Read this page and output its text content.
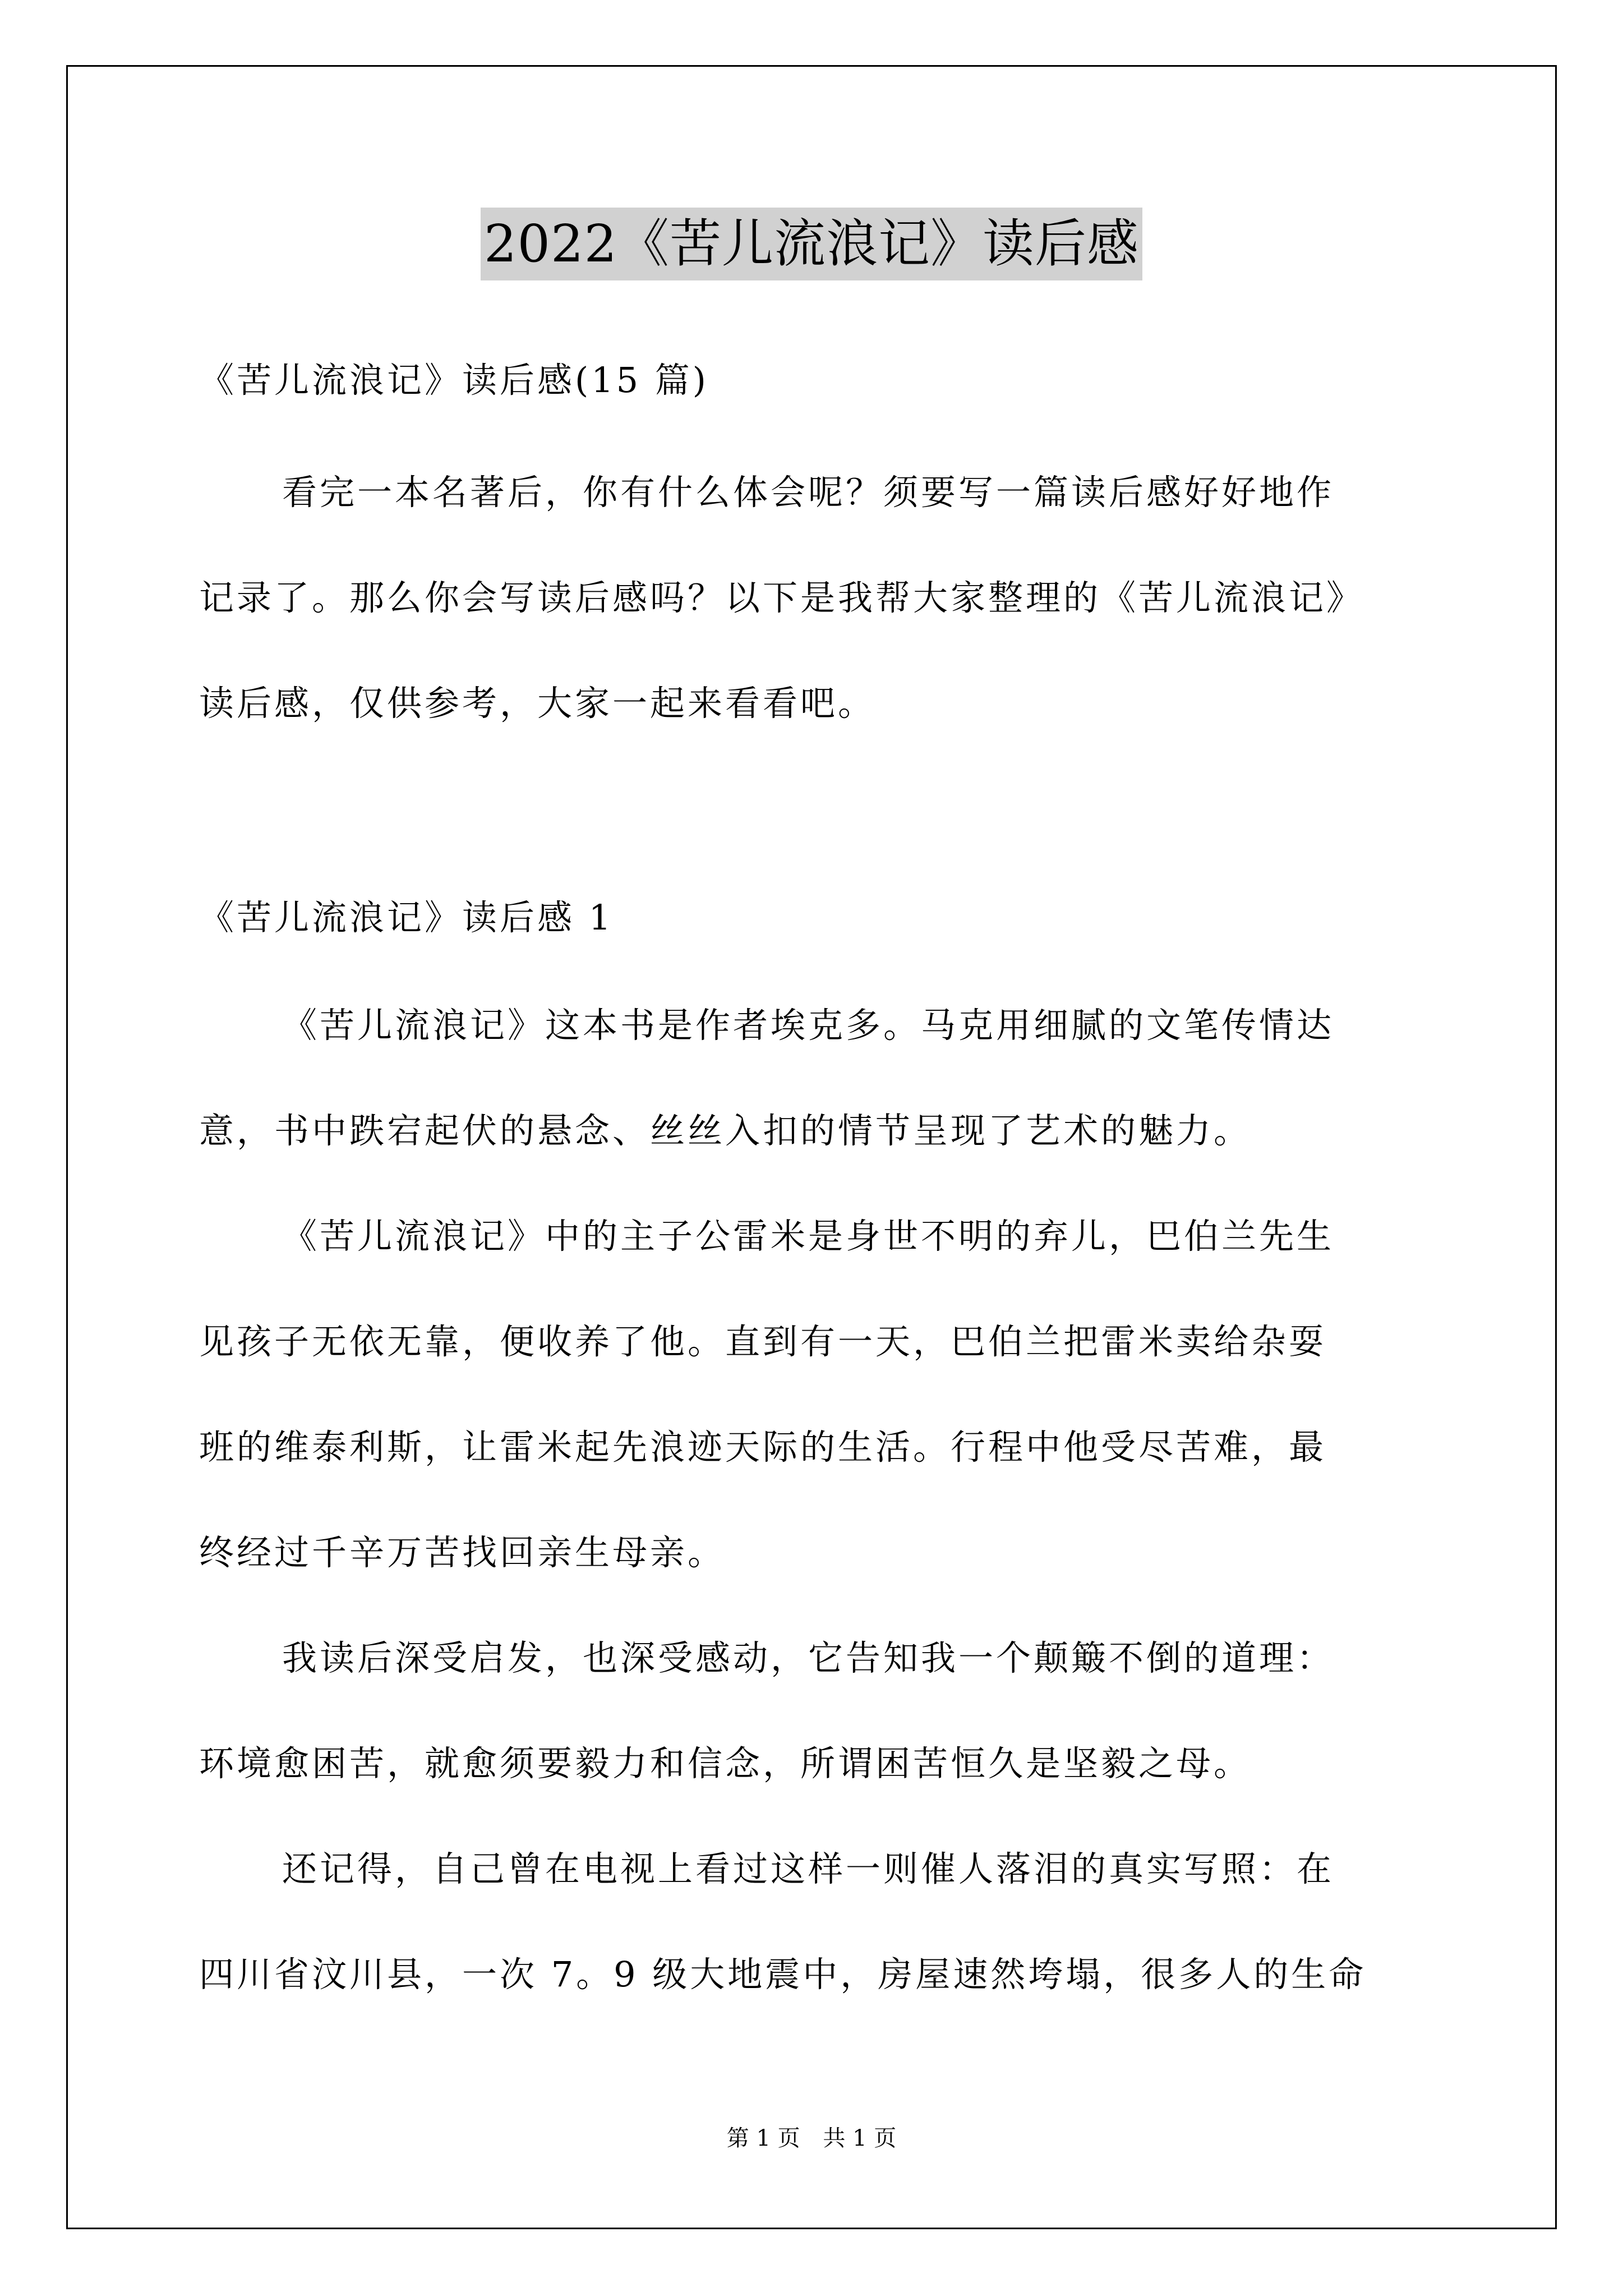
2022《苦儿流浪记》读后感
《苦儿流浪记》读后感(15 篇)
看完一本名著后，你有什么体会呢？须要写一篇读后感好好地作
记录了。那么你会写读后感吗？以下是我帮大家整理的《苦儿流浪记》
读后感，仅供参考，大家一起来看看吧。
《苦儿流浪记》读后感 1
《苦儿流浪记》这本书是作者埃克多。马克用细腻的文笔传情达
意，书中跌宕起伏的悬念、丝丝入扣的情节呈现了艺术的魅力。
《苦儿流浪记》中的主子公雷米是身世不明的弃儿，巴伯兰先生
见孩子无依无靠，便收养了他。直到有一天，巴伯兰把雷米卖给杂耍
班的维泰利斯，让雷米起先浪迹天际的生活。行程中他受尽苦难，最
终经过千辛万苦找回亲生母亲。
我读后深受启发，也深受感动，它告知我一个颠簸不倒的道理：
环境愈困苦，就愈须要毅力和信念，所谓困苦恒久是坚毅之母。
还记得，自己曾在电视上看过这样一则催人落泪的真实写照：在
四川省汶川县，一次 7。9 级大地震中，房屋速然垮塌，很多人的生命
第 1 页 共 1 页
